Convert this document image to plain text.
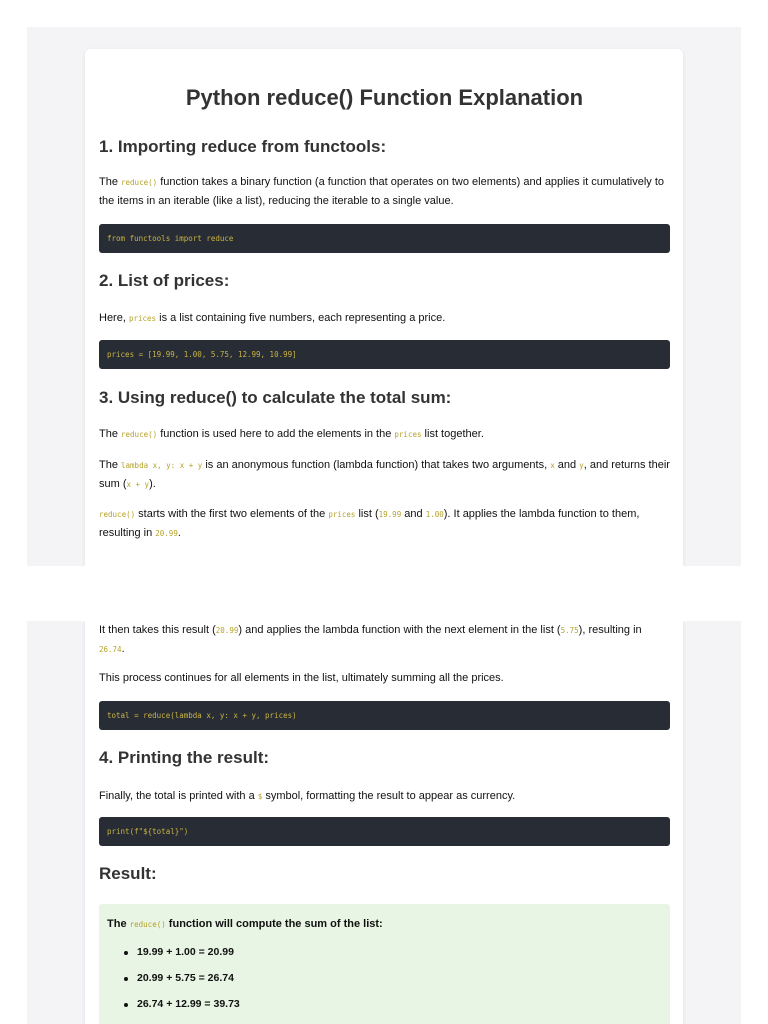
Python reduce() Function Explanation
1. Importing reduce from functools:

The reduce() function takes a binary function (a function that operates on two elements) and applies it cumulatively to the items in an iterable (like a list), reducing the iterable to a single value.

from functools import reduce
2. List of prices:

Here, prices is a list containing five numbers, each representing a price.

prices = [19.99, 1.00, 5.75, 12.99, 10.99]
3. Using reduce() to calculate the total sum:

The reduce() function is used here to add the elements in the prices list together.

The lambda x, y: x + y is an anonymous function (lambda function) that takes two arguments, x and y, and returns their sum (x + y).

reduce() starts with the first two elements of the prices list (19.99 and 1.00). It applies the lambda function to them, resulting in 20.99.

It then takes this result (20.99) and applies the lambda function with the next element in the list (5.75), resulting in 26.74.

This process continues for all elements in the list, ultimately summing all the prices.

total = reduce(lambda x, y: x + y, prices)
4. Printing the result:

Finally, the total is printed with a $ symbol, formatting the result to appear as currency.

print(f"${total}")
Result:
The reduce() function will compute the sum of the list:
19.99 + 1.00 = 20.99
20.99 + 5.75 = 26.74
26.74 + 12.99 = 39.73
